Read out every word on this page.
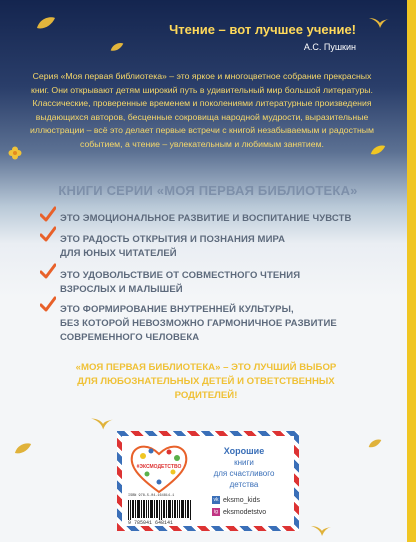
Чтение – вот лучшее учение!
А.С. Пушкин
Серия «Моя первая библиотека» – это яркое и многоцветное собрание прекрасных книг. Они открывают детям широкий путь в удивительный мир большой литературы. Классические, проверенные временем и поколениями литературные произведения выдающихся авторов, бесценные сокровища народной мудрости, выразительные иллюстрации – всё это делает первые встречи с книгой незабываемым и радостным событием, а чтение – увлекательным и любимым занятием.
КНИГИ СЕРИИ «МОЯ ПЕРВАЯ БИБЛИОТЕКА»
ЭТО ЭМОЦИОНАЛЬНОЕ РАЗВИТИЕ И ВОСПИТАНИЕ ЧУВСТВ
ЭТО РАДОСТЬ ОТКРЫТИЯ И ПОЗНАНИЯ МИРА
ДЛЯ ЮНЫХ ЧИТАТЕЛЕЙ
ЭТО УДОВОЛЬСТВИЕ ОТ СОВМЕСТНОГО ЧТЕНИЯ
ВЗРОСЛЫХ И МАЛЫШЕЙ
ЭТО ФОРМИРОВАНИЕ ВНУТРЕННЕЙ КУЛЬТУРЫ,
БЕЗ КОТОРОЙ НЕВОЗМОЖНО ГАРМОНИЧНОЕ РАЗВИТИЕ
СОВРЕМЕННОГО ЧЕЛОВЕКА
«МОЯ ПЕРВАЯ БИБЛИОТЕКА» – ЭТО ЛУЧШИЙ ВЫБОР
ДЛЯ ЛЮБОЗНАТЕЛЬНЫХ ДЕТЕЙ И ОТВЕТСТВЕННЫХ
РОДИТЕЛЕЙ!
#ЭКСМОДЕТСТВО
Хорошие
книги
для счастливого
детства
ISBN 978-5-04-164814-1
9 785041 648141
vk eksmo_kids
ig eksmodetstvo
